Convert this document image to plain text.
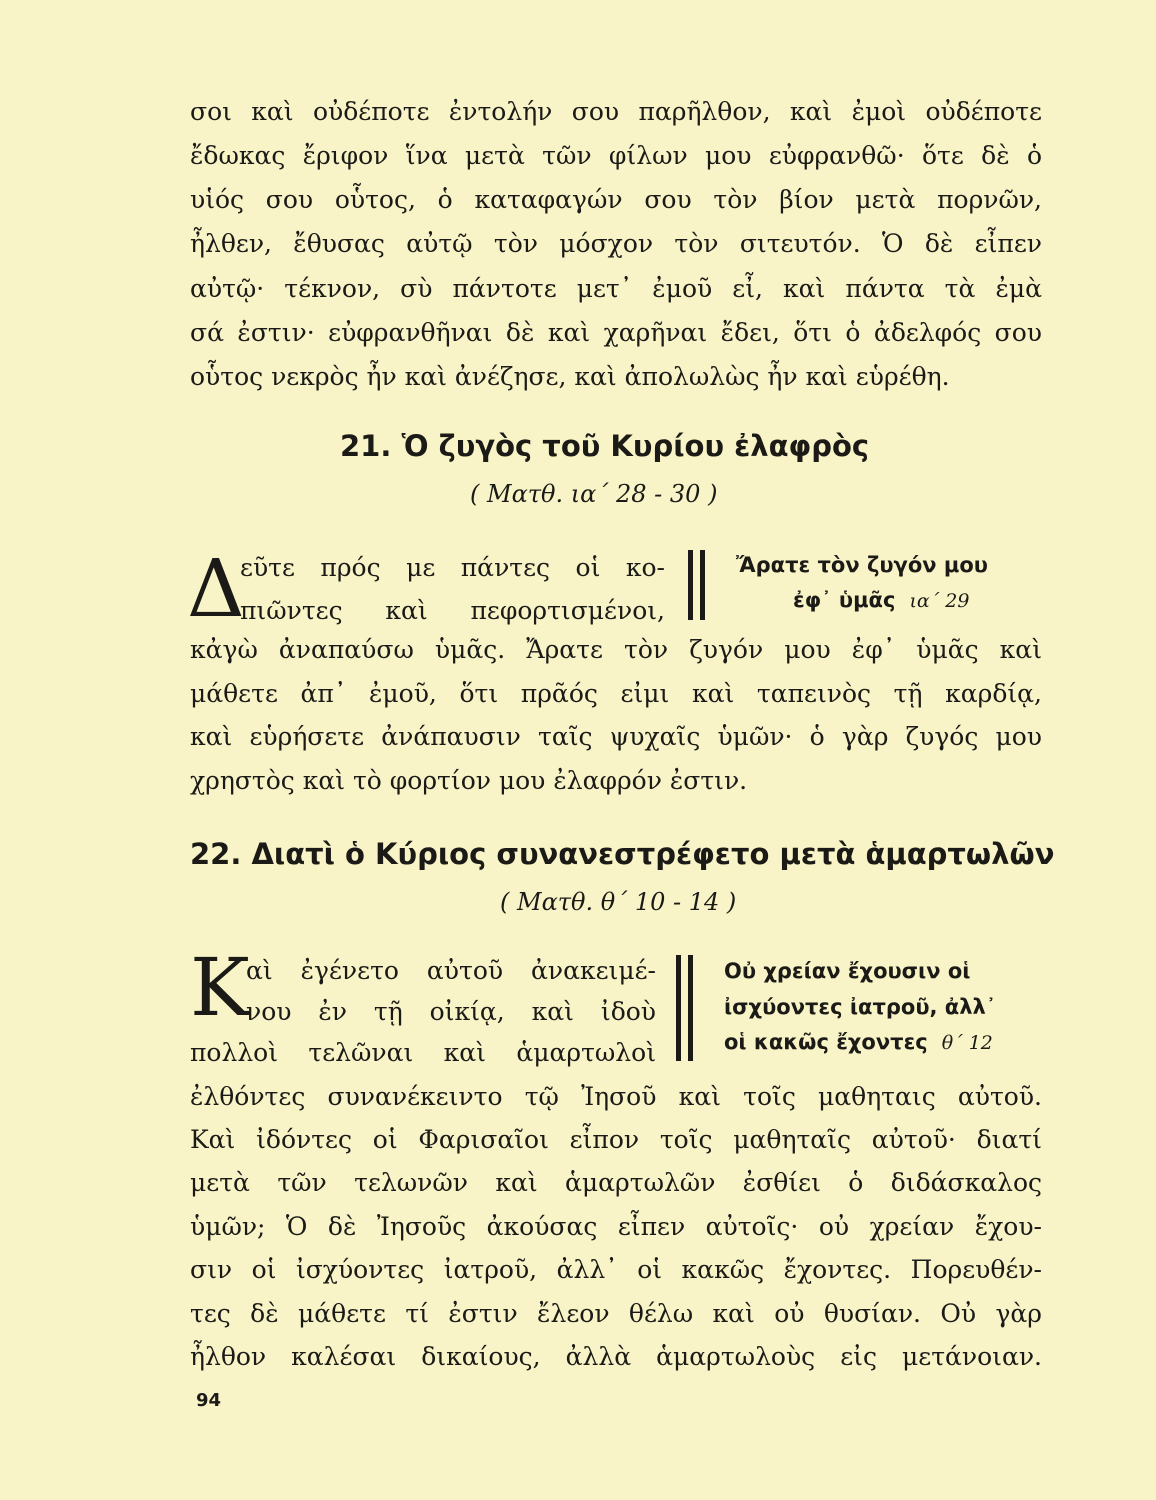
σοι καὶ οὐδέποτε ἐντολήν σου παρῆλθον, καὶ ἐμοὶ οὐδέποτε
ἔδωκας ἔριφον ἵνα μετὰ τῶν φίλων μου εὐφρανθῶ· ὅτε δὲ ὁ
υἱός σου οὗτος, ὁ καταφαγών σου τὸν βίον μετὰ πορνῶν,
ἦλθεν, ἔθυσας αὐτῷ τὸν μόσχον τὸν σιτευτόν. Ὁ δὲ εἶπεν
αὐτῷ· τέκνον, σὺ πάντοτε μετ᾽ ἐμοῦ εἶ, καὶ πάντα τὰ ἐμὰ
σά ἐστιν· εὐφρανθῆναι δὲ καὶ χαρῆναι ἔδει, ὅτι ὁ ἀδελφός σου
οὗτος νεκρὸς ἦν καὶ ἀνέζησε, καὶ ἀπολωλὼς ἦν καὶ εὑρέθη.
21. Ὁ ζυγὸς τοῦ Κυρίου ἐλαφρὸς
( Ματθ. ια΄ 28 - 30 )
Δ
εῦτε πρός με πάντες οἱ κο-
πιῶντες καὶ πεφορτισμένοι,
Ἄρατε τὸν ζυγόν μου
ἐφ᾽ ὑμᾶς ια΄ 29
κἀγὼ ἀναπαύσω ὑμᾶς. Ἄρατε τὸν ζυγόν μου ἐφ᾽ ὑμᾶς καὶ
μάθετε ἀπ᾽ ἐμοῦ, ὅτι πρᾶός εἰμι καὶ ταπεινὸς τῇ καρδίᾳ,
καὶ εὑρήσετε ἀνάπαυσιν ταῖς ψυχαῖς ὑμῶν· ὁ γὰρ ζυγός μου
χρηστὸς καὶ τὸ φορτίον μου ἐλαφρόν ἐστιν.
22. Διατὶ ὁ Κύριος συνανεστρέφετο μετὰ ἁμαρτωλῶν
( Ματθ. θ΄ 10 - 14 )
Κ
αὶ ἐγένετο αὐτοῦ ἀνακειμέ-
νου ἐν τῇ οἰκίᾳ, καὶ ἰδοὺ
πολλοὶ τελῶναι καὶ ἁμαρτωλοὶ
Οὐ χρείαν ἔχουσιν οἱ
ἰσχύοντες ἰατροῦ, ἀλλ᾽
οἱ κακῶς ἔχοντες θ΄ 12
ἐλθόντες συνανέκειντο τῷ Ἰησοῦ καὶ τοῖς μαθηταις αὐτοῦ.
Καὶ ἰδόντες οἱ Φαρισαῖοι εἶπον τοῖς μαθηταῖς αὐτοῦ· διατί
μετὰ τῶν τελωνῶν καὶ ἁμαρτωλῶν ἐσθίει ὁ διδάσκαλος
ὑμῶν; Ὁ δὲ Ἰησοῦς ἀκούσας εἶπεν αὐτοῖς· οὐ χρείαν ἔχου-
σιν οἱ ἰσχύοντες ἰατροῦ, ἀλλ᾽ οἱ κακῶς ἔχοντες. Πορευθέν-
τες δὲ μάθετε τί ἐστιν ἔλεον θέλω καὶ οὐ θυσίαν. Οὐ γὰρ
ἦλθον καλέσαι δικαίους, ἀλλὰ ἁμαρτωλοὺς εἰς μετάνοιαν.
94
